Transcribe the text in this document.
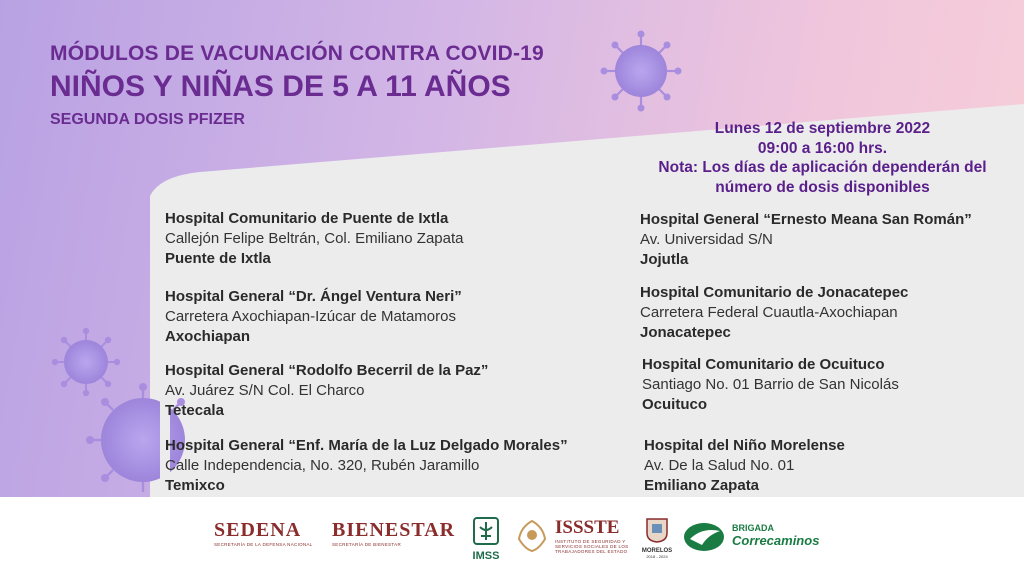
MÓDULOS DE VACUNACIÓN CONTRA COVID-19
NIÑOS Y NIÑAS DE 5 A 11 AÑOS
SEGUNDA DOSIS PFIZER
Lunes 12 de septiembre 2022
09:00 a 16:00 hrs.
Nota: Los días de aplicación dependerán del
número de dosis disponibles
Hospital Comunitario de Puente de Ixtla
Callejón Felipe Beltrán, Col. Emiliano Zapata
Puente de Ixtla
Hospital General “Dr. Ángel Ventura Neri”
Carretera Axochiapan-Izúcar de Matamoros
Axochiapan
Hospital General “Rodolfo Becerril de la Paz”
Av. Juárez S/N Col. El Charco
Tetecala
Hospital General “Enf. María de la Luz Delgado Morales”
Calle Independencia, No. 320, Rubén Jaramillo
Temixco
Hospital General “Ernesto Meana San Román”
Av. Universidad S/N
Jojutla
Hospital Comunitario de Jonacatepec
Carretera Federal Cuautla-Axochiapan
Jonacatepec
Hospital Comunitario de Ocuituco
Santiago No. 01 Barrio de San Nicolás
Ocuituco
Hospital del Niño Morelense
Av. De la Salud No. 01
Emiliano Zapata
SEDENA
SECRETARÍA DE LA DEFENSA NACIONAL
BIENESTAR
SECRETARÍA DE BIENESTAR
IMSS
ISSSTE
INSTITUTO DE SEGURIDAD Y SERVICIOS SOCIALES DE LOS TRABAJADORES DEL ESTADO	MORELOS
2018 - 2024
BRIGADA
Correcaminos
